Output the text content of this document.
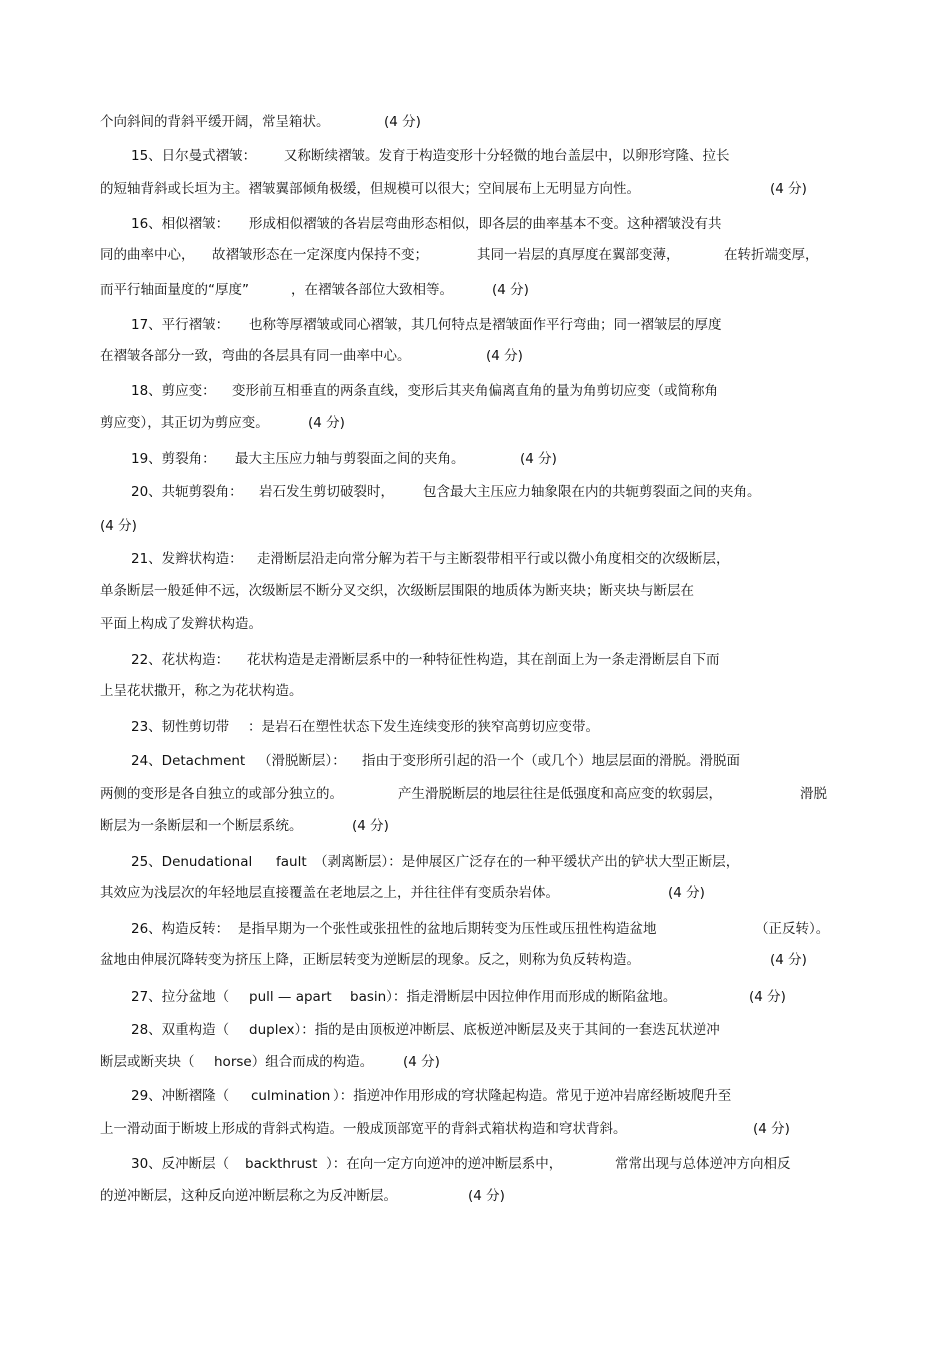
个向斜间的背斜平缓开阔，常呈箱状。	(4 分)
15、日尔曼式褶皱： 又称断续褶皱。发育于构造变形十分轻微的地台盖层中，以卵形穹隆、拉长
的短轴背斜或长垣为主。褶皱翼部倾角极缓，但规模可以很大；空间展布上无明显方向性。	(4 分)
16、相似褶皱： 形成相似褶皱的各岩层弯曲形态相似，即各层的曲率基本不变。这种褶皱没有共
同的曲率中心， 故褶皱形态在一定深度内保持不变；	其同一岩层的真厚度在翼部变薄，	在转折端变厚，
而平行轴面量度的“厚度”	，在褶皱各部位大致相等。	(4 分)
17、平行褶皱： 也称等厚褶皱或同心褶皱，其几何特点是褶皱面作平行弯曲；同一褶皱层的厚度
在褶皱各部分一致，弯曲的各层具有同一曲率中心。	(4 分)
18、剪应变： 变形前互相垂直的两条直线，变形后其夹角偏离直角的量为角剪切应变（或简称角
剪应变），其正切为剪应变。	(4 分)
19、剪裂角： 最大主压应力轴与剪裂面之间的夹角。	(4 分)
20、共轭剪裂角： 岩石发生剪切破裂时， 包含最大主压应力轴象限在内的共轭剪裂面之间的夹角。
(4 分)
21、发辫状构造： 走滑断层沿走向常分解为若干与主断裂带相平行或以微小角度相交的次级断层，
单条断层一般延伸不远，次级断层不断分叉交织，次级断层围限的地质体为断夹块；断夹块与断层在
平面上构成了发辫状构造。
22、花状构造： 花状构造是走滑断层系中的一种特征性构造，其在剖面上为一条走滑断层自下而
上呈花状撒开，称之为花状构造。
23、韧性剪切带 ：是岩石在塑性状态下发生连续变形的狭窄高剪切应变带。
24、Detachment （滑脱断层）： 指由于变形所引起的沿一个（或几个）地层层面的滑脱。滑脱面
两侧的变形是各自独立的或部分独立的。	产生滑脱断层的地层往往是低强度和高应变的软弱层，	滑脱
断层为一条断层和一个断层系统。	(4 分)
25、Denudational fault （剥离断层）：是伸展区广泛存在的一种平缓状产出的铲状大型正断层，
其效应为浅层次的年轻地层直接覆盖在老地层之上，并往往伴有变质杂岩体。	(4 分)
26、构造反转： 是指早期为一个张性或张扭性的盆地后期转变为压性或压扭性构造盆地	（正反转）。
盆地由伸展沉降转变为挤压上降，正断层转变为逆断层的现象。反之，则称为负反转构造。	(4 分)
27、拉分盆地（ pull — apart basin）：指走滑断层中因拉伸作用而形成的断陷盆地。	(4 分)
28、双重构造（ duplex）：指的是由顶板逆冲断层、底板逆冲断层及夹于其间的一套迭瓦状逆冲
断层或断夹块（ horse）组合而成的构造。 (4 分)
29、冲断褶隆（ culmination ）：指逆冲作用形成的穹状隆起构造。常见于逆冲岩席经断坡爬升至
上一滑动面于断坡上形成的背斜式构造。一般成顶部宽平的背斜式箱状构造和穹状背斜。	(4 分)
30、反冲断层（ backthrust ）：在向一定方向逆冲的逆冲断层系中，	常常出现与总体逆冲方向相反
的逆冲断层，这种反向逆冲断层称之为反冲断层。	(4 分)
